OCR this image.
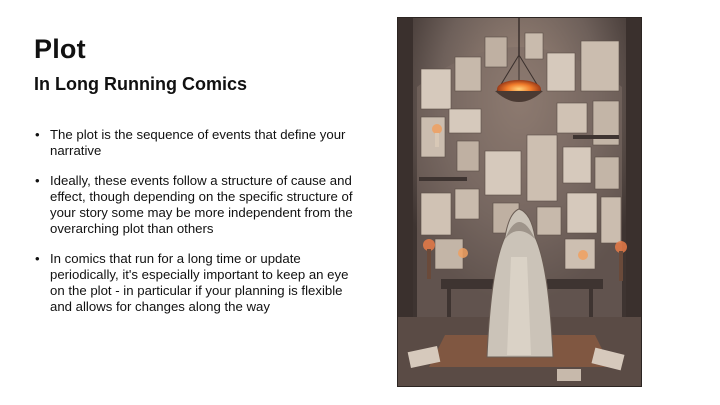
Plot
In Long Running Comics
• The plot is the sequence of events that define your narrative
• Ideally, these events follow a structure of cause and effect, though depending on the specific structure of your story some may be more independent from the overarching plot than others
• In comics that run for a long time or update periodically, it's especially important to keep an eye on the plot - in particular if your planning is flexible and allows for changes along the way
